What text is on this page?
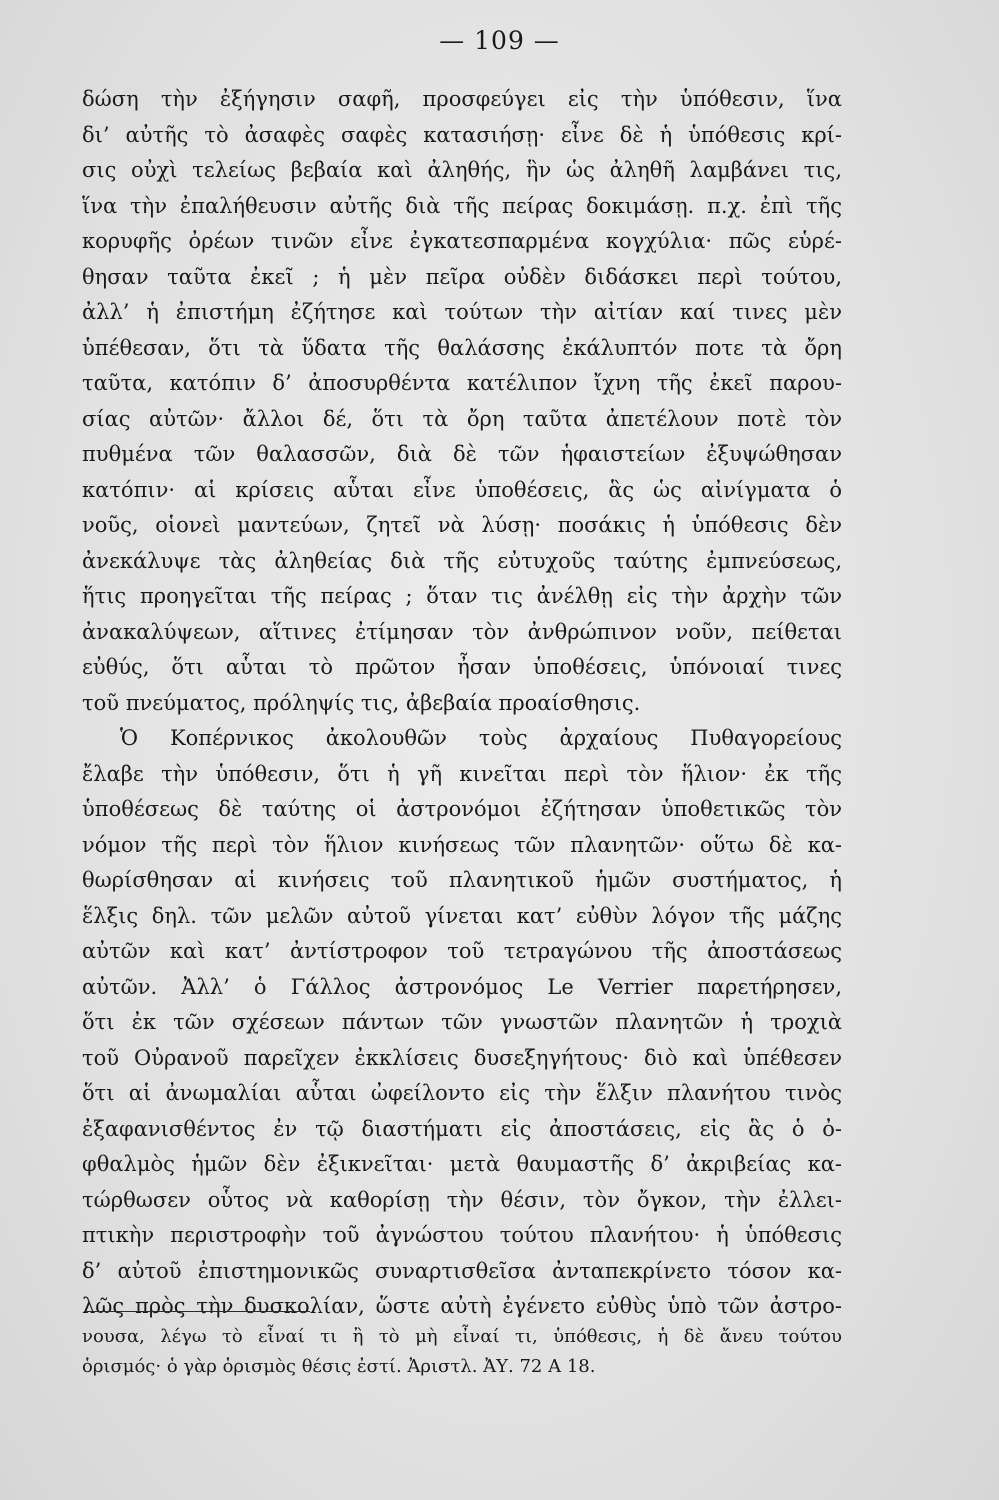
— 109 —
δώση τὴν ἐξήγησιν σαφῆ, προσφεύγει εἰς τὴν ὑπόθεσιν, ἵνα
δι’ αὐτῆς τὸ ἀσαφὲς σαφὲς κατασιήσῃ· εἶνε δὲ ἡ ὑπόθεσις κρί-
σις οὐχὶ τελείως βεβαία καὶ ἀληθής, ἣν ὡς ἀληθῆ λαμβάνει τις,
ἵνα τὴν ἐπαλήθευσιν αὐτῆς διὰ τῆς πείρας δοκιμάσῃ. π.χ. ἐπὶ τῆς
κορυφῆς ὀρέων τινῶν εἶνε ἐγκατεσπαρμένα κογχύλια· πῶς εὑρέ-
θησαν ταῦτα ἐκεῖ ; ἡ μὲν πεῖρα οὐδὲν διδάσκει περὶ τούτου,
ἀλλ’ ἡ ἐπιστήμη ἐζήτησε καὶ τούτων τὴν αἰτίαν καί τινες μὲν
ὑπέθεσαν, ὅτι τὰ ὕδατα τῆς θαλάσσης ἐκάλυπτόν ποτε τὰ ὄρη
ταῦτα, κατόπιν δ’ ἀποσυρθέντα κατέλιπον ἴχνη τῆς ἐκεῖ παρου-
σίας αὐτῶν· ἄλλοι δέ, ὅτι τὰ ὄρη ταῦτα ἀπετέλουν ποτὲ τὸν
πυθμένα τῶν θαλασσῶν, διὰ δὲ τῶν ἡφαιστείων ἐξυψώθησαν
κατόπιν· αἱ κρίσεις αὗται εἶνε ὑποθέσεις, ἃς ὡς αἰνίγματα ὁ
νοῦς, οἱονεὶ μαντεύων, ζητεῖ νὰ λύσῃ· ποσάκις ἡ ὑπόθεσις δὲν
ἀνεκάλυψε τὰς ἀληθείας διὰ τῆς εὐτυχοῦς ταύτης ἐμπνεύσεως,
ἥτις προηγεῖται τῆς πείρας ; ὅταν τις ἀνέλθῃ εἰς τὴν ἀρχὴν τῶν
ἀνακαλύψεων, αἵτινες ἐτίμησαν τὸν ἀνθρώπινον νοῦν, πείθεται
εὐθύς, ὅτι αὗται τὸ πρῶτον ἦσαν ὑποθέσεις, ὑπόνοιαί τινες
τοῦ πνεύματος, πρόληψίς τις, ἀβεβαία προαίσθησις.
Ὁ Κοπέρνικος ἀκολουθῶν τοὺς ἀρχαίους Πυθαγορείους
ἔλαβε τὴν ὑπόθεσιν, ὅτι ἡ γῆ κινεῖται περὶ τὸν ἥλιον· ἐκ τῆς
ὑποθέσεως δὲ ταύτης οἱ ἀστρονόμοι ἐζήτησαν ὑποθετικῶς τὸν
νόμον τῆς περὶ τὸν ἥλιον κινήσεως τῶν πλανητῶν· οὕτω δὲ κα-
θωρίσθησαν αἱ κινήσεις τοῦ πλανητικοῦ ἡμῶν συστήματος, ἡ
ἕλξις δηλ. τῶν μελῶν αὐτοῦ γίνεται κατ’ εὐθὺν λόγον τῆς μάζης
αὐτῶν καὶ κατ’ ἀντίστροφον τοῦ τετραγώνου τῆς ἀποστάσεως
αὐτῶν. Ἀλλ’ ὁ Γάλλος ἀστρονόμος Le Verrier παρετήρησεν,
ὅτι ἐκ τῶν σχέσεων πάντων τῶν γνωστῶν πλανητῶν ἡ τροχιὰ
τοῦ Οὐρανοῦ παρεῖχεν ἐκκλίσεις δυσεξηγήτους· διὸ καὶ ὑπέθεσεν
ὅτι αἱ ἀνωμαλίαι αὗται ὠφείλοντο εἰς τὴν ἕλξιν πλανήτου τινὸς
ἐξαφανισθέντος ἐν τῷ διαστήματι εἰς ἀποστάσεις, εἰς ἃς ὁ ὀ-
φθαλμὸς ἡμῶν δὲν ἐξικνεῖται· μετὰ θαυμαστῆς δ’ ἀκριβείας κα-
τώρθωσεν οὗτος νὰ καθορίσῃ τὴν θέσιν, τὸν ὄγκον, τὴν ἐλλει-
πτικὴν περιστροφὴν τοῦ ἀγνώστου τούτου πλανήτου· ἡ ὑπόθεσις
δ’ αὐτοῦ ἐπιστημονικῶς συναρτισθεῖσα ἀνταπεκρίνετο τόσον κα-
λῶς πρὸς τὴν δυσκολίαν, ὥστε αὐτὴ ἐγένετο εὐθὺς ὑπὸ τῶν ἀστρο-
νουσα, λέγω τὸ εἶναί τι ἢ τὸ μὴ εἶναί τι, ὑπόθεσις, ἡ δὲ ἄνευ τούτου
ὁρισμός· ὁ γὰρ ὁρισμὸς θέσις ἐστί. Ἀριστλ. ἈΥ. 72 Α 18.
